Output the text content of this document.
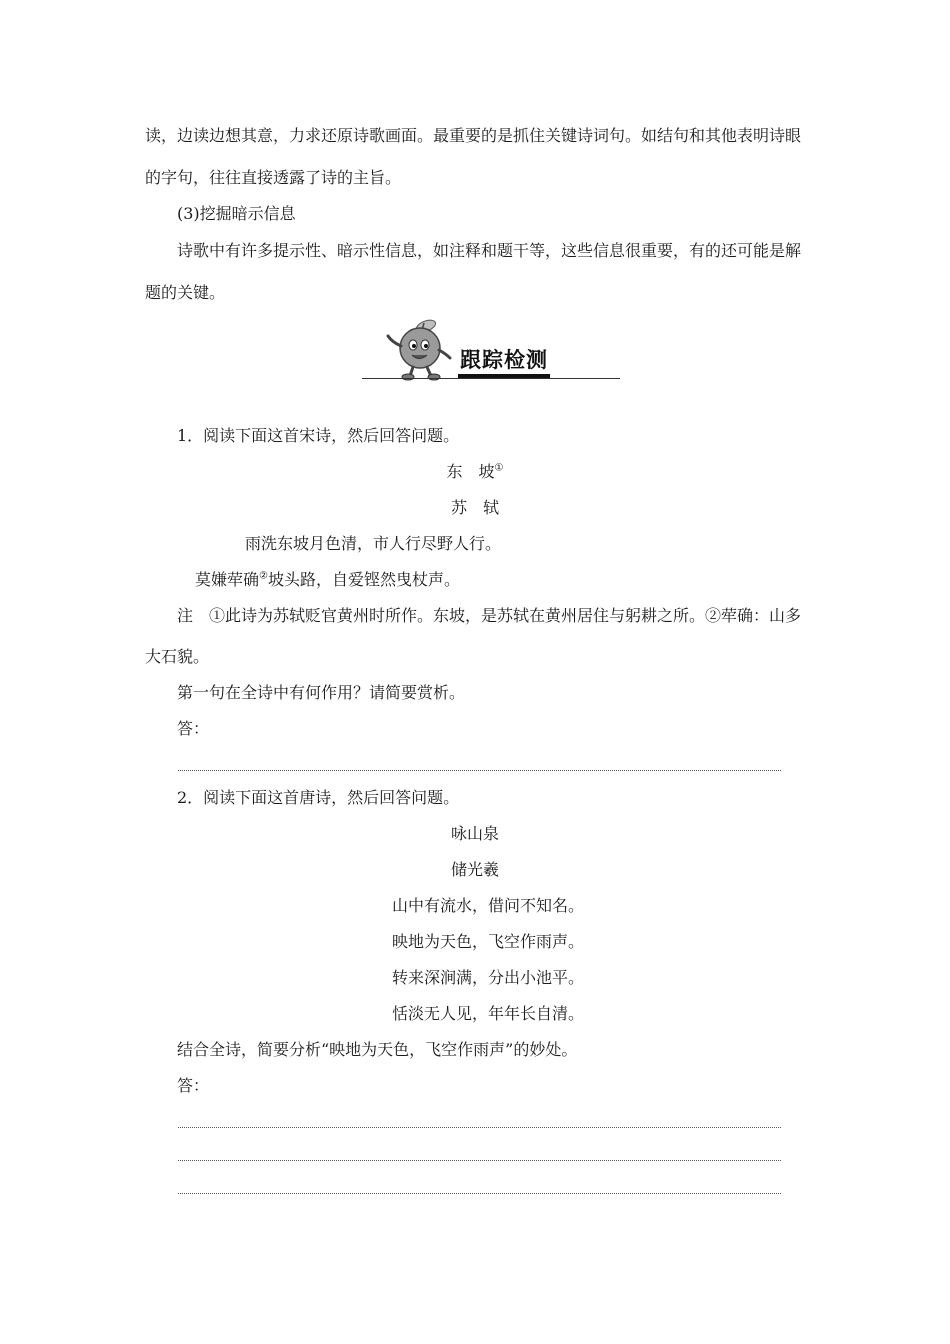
读，边读边想其意，力求还原诗歌画面。最重要的是抓住关键诗词句。如结句和其他表明诗眼
的字句，往往直接透露了诗的主旨。
(3)挖掘暗示信息
诗歌中有许多提示性、暗示性信息，如注释和题干等，这些信息很重要，有的还可能是解
题的关键。
跟踪检测
1．阅读下面这首宋诗，然后回答问题。
东　坡①
苏　轼
雨洗东坡月色清，市人行尽野人行。
莫嫌荦确②坡头路，自爱铿然曳杖声。
注　①此诗为苏轼贬官黄州时所作。东坡，是苏轼在黄州居住与躬耕之所。②荦确：山多
大石貌。
第一句在全诗中有何作用？请简要赏析。
答：
2．阅读下面这首唐诗，然后回答问题。
咏山泉
储光羲
山中有流水，借问不知名。
映地为天色，飞空作雨声。
转来深涧满，分出小池平。
恬淡无人见，年年长自清。
结合全诗，简要分析“映地为天色，飞空作雨声”的妙处。
答：
